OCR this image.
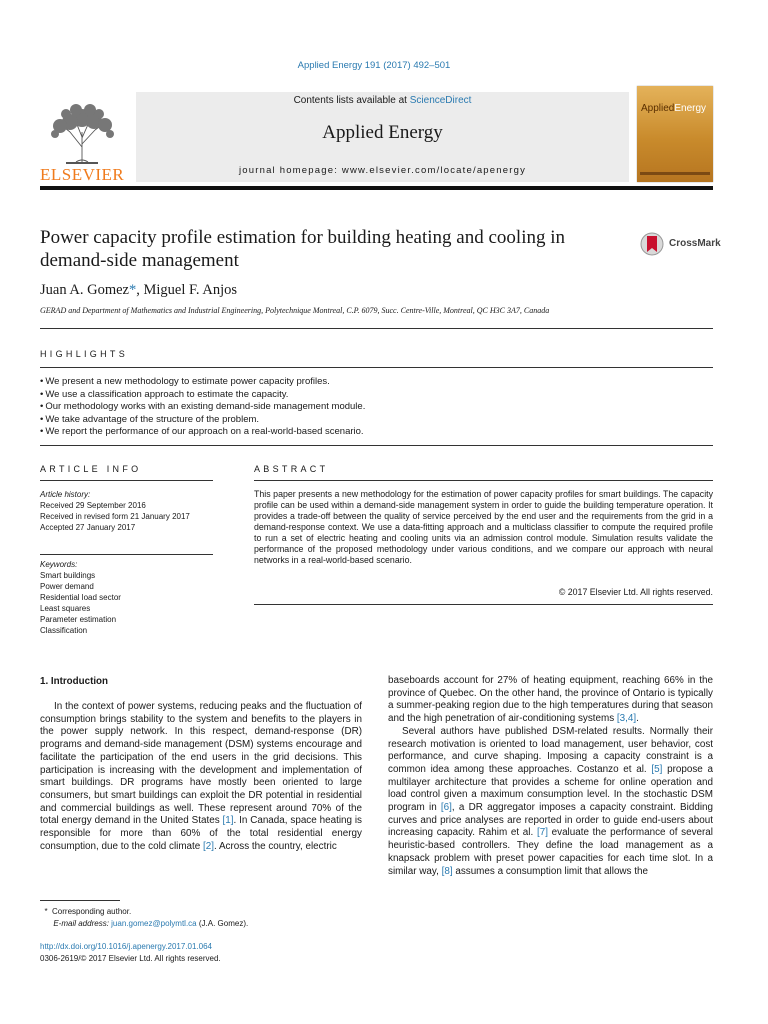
Applied Energy 191 (2017) 492–501
ELSEVIER
Contents lists available at ScienceDirect
Applied Energy
journal homepage: www.elsevier.com/locate/apenergy
AppliedEnergy
Power capacity profile estimation for building heating and cooling in demand-side management
CrossMark
Juan A. Gomez*, Miguel F. Anjos
GERAD and Department of Mathematics and Industrial Engineering, Polytechnique Montreal, C.P. 6079, Succ. Centre-Ville, Montreal, QC H3C 3A7, Canada
HIGHLIGHTS
• We present a new methodology to estimate power capacity profiles.
• We use a classification approach to estimate the capacity.
• Our methodology works with an existing demand-side management module.
• We take advantage of the structure of the problem.
• We report the performance of our approach on a real-world-based scenario.
ARTICLE INFO
Article history:
Received 29 September 2016
Received in revised form 21 January 2017
Accepted 27 January 2017
Keywords:
Smart buildings
Power demand
Residential load sector
Least squares
Parameter estimation
Classification
ABSTRACT
This paper presents a new methodology for the estimation of power capacity profiles for smart buildings. The capacity profile can be used within a demand-side management system in order to guide the building temperature operation. It provides a trade-off between the quality of service perceived by the end user and the requirements from the grid in a demand-response context. We use a data-fitting approach and a multiclass classifier to compute the required profile to run a set of electric heating and cooling units via an admission control module. Simulation results validate the performance of the proposed methodology under various conditions, and we compare our approach with neural networks in a real-world-based scenario.
© 2017 Elsevier Ltd. All rights reserved.
1. Introduction

In the context of power systems, reducing peaks and the fluctuation of consumption brings stability to the system and benefits to the players in the power supply network. In this respect, demand-response (DR) programs and demand-side management (DSM) systems encourage and facilitate the participation of the end users in the grid decisions. This participation is increasing with the development and implementation of smart buildings. DR programs have mostly been oriented to large consumers, but smart buildings can exploit the DR potential in residential and commercial buildings as well. These represent around 70% of the total energy demand in the United States [1]. In Canada, space heating is responsible for more than 60% of the total residential energy consumption, due to the cold climate [2]. Across the country, electric

baseboards account for 27% of heating equipment, reaching 66% in the province of Quebec. On the other hand, the province of Ontario is typically a summer-peaking region due to the high temperatures during that season and the high penetration of air-conditioning systems [3,4].

Several authors have published DSM-related results. Normally their research motivation is oriented to load management, user behavior, cost performance, and curve shaping. Imposing a capacity constraint is a common idea among these approaches. Costanzo et al. [5] propose a multilayer architecture that provides a scheme for online operation and load control given a maximum consumption level. In the stochastic DSM program in [6], a DR aggregator imposes a capacity constraint. Bidding curves and price analyses are reported in order to guide end-users about increasing capacity. Rahim et al. [7] evaluate the performance of several heuristic-based controllers. They define the load management as a knapsack problem with preset power capacities for each time slot. In a similar way, [8] assumes a consumption limit that allows the

* Corresponding author.
E-mail address: juan.gomez@polymtl.ca (J.A. Gomez).
http://dx.doi.org/10.1016/j.apenergy.2017.01.064
0306-2619/© 2017 Elsevier Ltd. All rights reserved.
